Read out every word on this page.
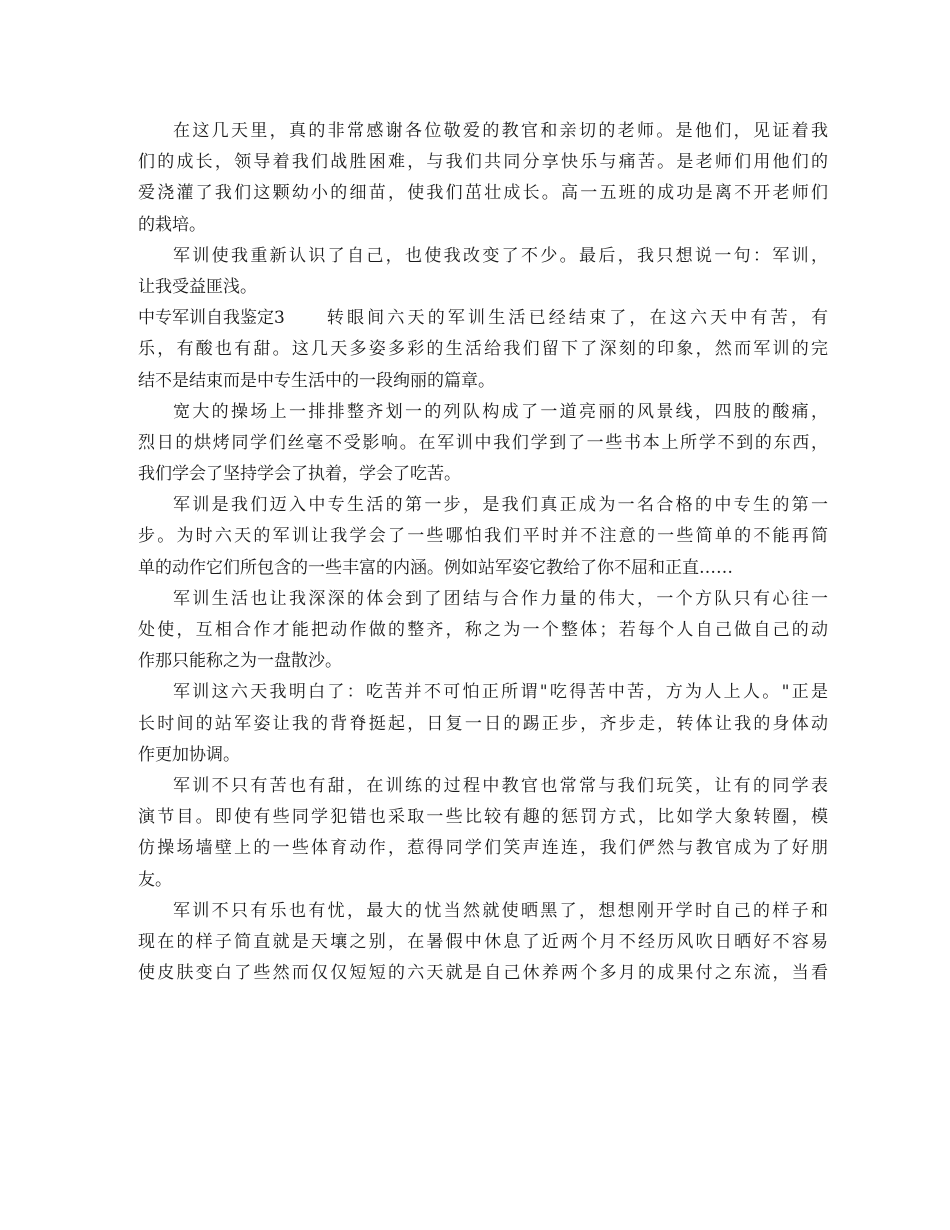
在这几天里，真的非常感谢各位敬爱的教官和亲切的老师。是他们，见证着我
们的成长，领导着我们战胜困难，与我们共同分享快乐与痛苦。是老师们用他们的
爱浇灌了我们这颗幼小的细苗，使我们茁壮成长。高一五班的成功是离不开老师们
的栽培。
军训使我重新认识了自己，也使我改变了不少。最后，我只想说一句：军训，
让我受益匪浅。
中专军训自我鉴定3 转眼间六天的军训生活已经结束了，在这六天中有苦，有
乐，有酸也有甜。这几天多姿多彩的生活给我们留下了深刻的印象，然而军训的完
结不是结束而是中专生活中的一段绚丽的篇章。
宽大的操场上一排排整齐划一的列队构成了一道亮丽的风景线，四肢的酸痛，
烈日的烘烤同学们丝毫不受影响。在军训中我们学到了一些书本上所学不到的东西，
我们学会了坚持学会了执着，学会了吃苦。
军训是我们迈入中专生活的第一步，是我们真正成为一名合格的中专生的第一
步。为时六天的军训让我学会了一些哪怕我们平时并不注意的一些简单的不能再简
单的动作它们所包含的一些丰富的内涵。例如站军姿它教给了你不屈和正直……
军训生活也让我深深的体会到了团结与合作力量的伟大，一个方队只有心往一
处使，互相合作才能把动作做的整齐，称之为一个整体；若每个人自己做自己的动
作那只能称之为一盘散沙。
军训这六天我明白了：吃苦并不可怕正所谓"吃得苦中苦，方为人上人。"正是
长时间的站军姿让我的背脊挺起，日复一日的踢正步，齐步走，转体让我的身体动
作更加协调。
军训不只有苦也有甜，在训练的过程中教官也常常与我们玩笑，让有的同学表
演节目。即使有些同学犯错也采取一些比较有趣的惩罚方式，比如学大象转圈，模
仿操场墙壁上的一些体育动作，惹得同学们笑声连连，我们俨然与教官成为了好朋
友。
军训不只有乐也有忧，最大的忧当然就使晒黑了，想想刚开学时自己的样子和
现在的样子简直就是天壤之别，在暑假中休息了近两个月不经历风吹日晒好不容易
使皮肤变白了些然而仅仅短短的六天就是自己休养两个多月的成果付之东流，当看
